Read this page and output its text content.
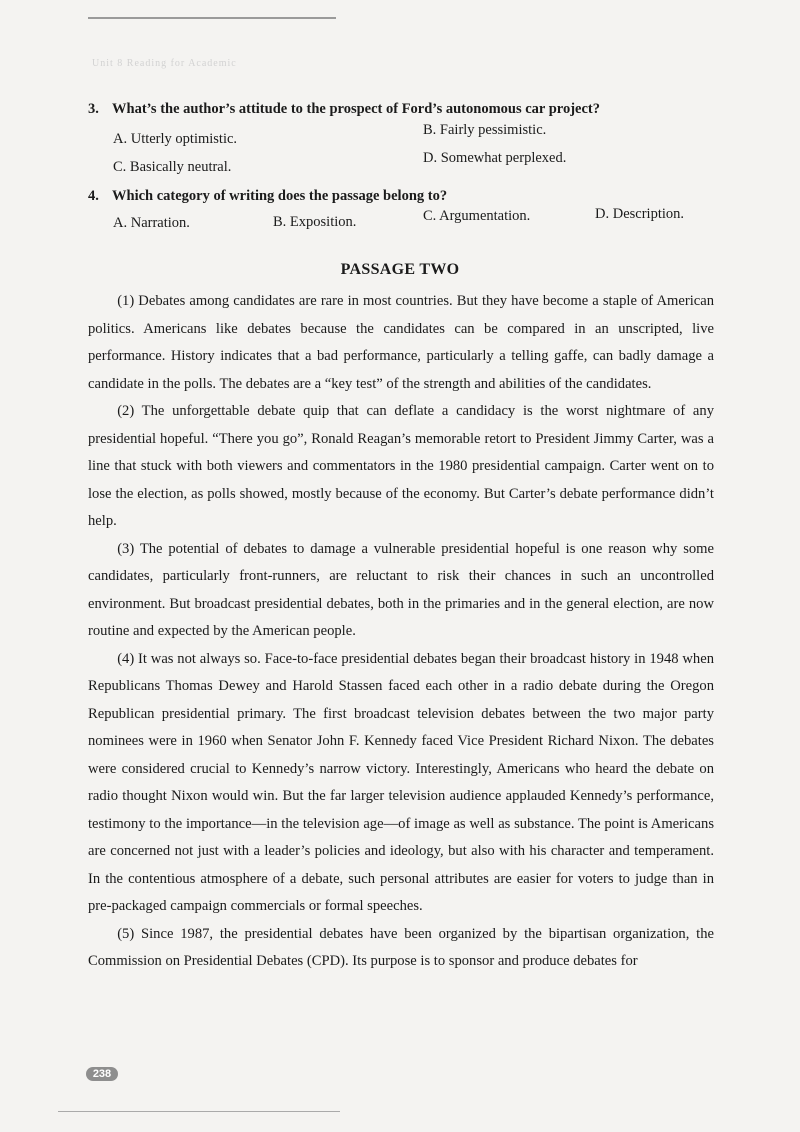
Unit 8 Reading for Academic
3. What’s the author’s attitude to the prospect of Ford’s autonomous car project?
A. Utterly optimistic.
B. Fairly pessimistic.
C. Basically neutral.
D. Somewhat perplexed.
4. Which category of writing does the passage belong to?
A. Narration.	B. Exposition.	C. Argumentation.	D. Description.
PASSAGE TWO

(1) Debates among candidates are rare in most countries. But they have become a staple of American politics. Americans like debates because the candidates can be compared in an unscripted, live performance. History indicates that a bad performance, particularly a telling gaffe, can badly damage a candidate in the polls. The debates are a “key test” of the strength and abilities of the candidates.

(2) The unforgettable debate quip that can deflate a candidacy is the worst nightmare of any presidential hopeful. “There you go”, Ronald Reagan’s memorable retort to President Jimmy Carter, was a line that stuck with both viewers and commentators in the 1980 presidential campaign. Carter went on to lose the election, as polls showed, mostly because of the economy. But Carter’s debate performance didn’t help.

(3) The potential of debates to damage a vulnerable presidential hopeful is one reason why some candidates, particularly front-runners, are reluctant to risk their chances in such an uncontrolled environment. But broadcast presidential debates, both in the primaries and in the general election, are now routine and expected by the American people.

(4) It was not always so. Face-to-face presidential debates began their broadcast history in 1948 when Republicans Thomas Dewey and Harold Stassen faced each other in a radio debate during the Oregon Republican presidential primary. The first broadcast television debates between the two major party nominees were in 1960 when Senator John F. Kennedy faced Vice President Richard Nixon. The debates were considered crucial to Kennedy’s narrow victory. Interestingly, Americans who heard the debate on radio thought Nixon would win. But the far larger television audience applauded Kennedy’s performance, testimony to the importance—in the television age—of image as well as substance. The point is Americans are concerned not just with a leader’s policies and ideology, but also with his character and temperament. In the contentious atmosphere of a debate, such personal attributes are easier for voters to judge than in pre-packaged campaign commercials or formal speeches.

(5) Since 1987, the presidential debates have been organized by the bipartisan organization, the Commission on Presidential Debates (CPD). Its purpose is to sponsor and produce debates for

238
